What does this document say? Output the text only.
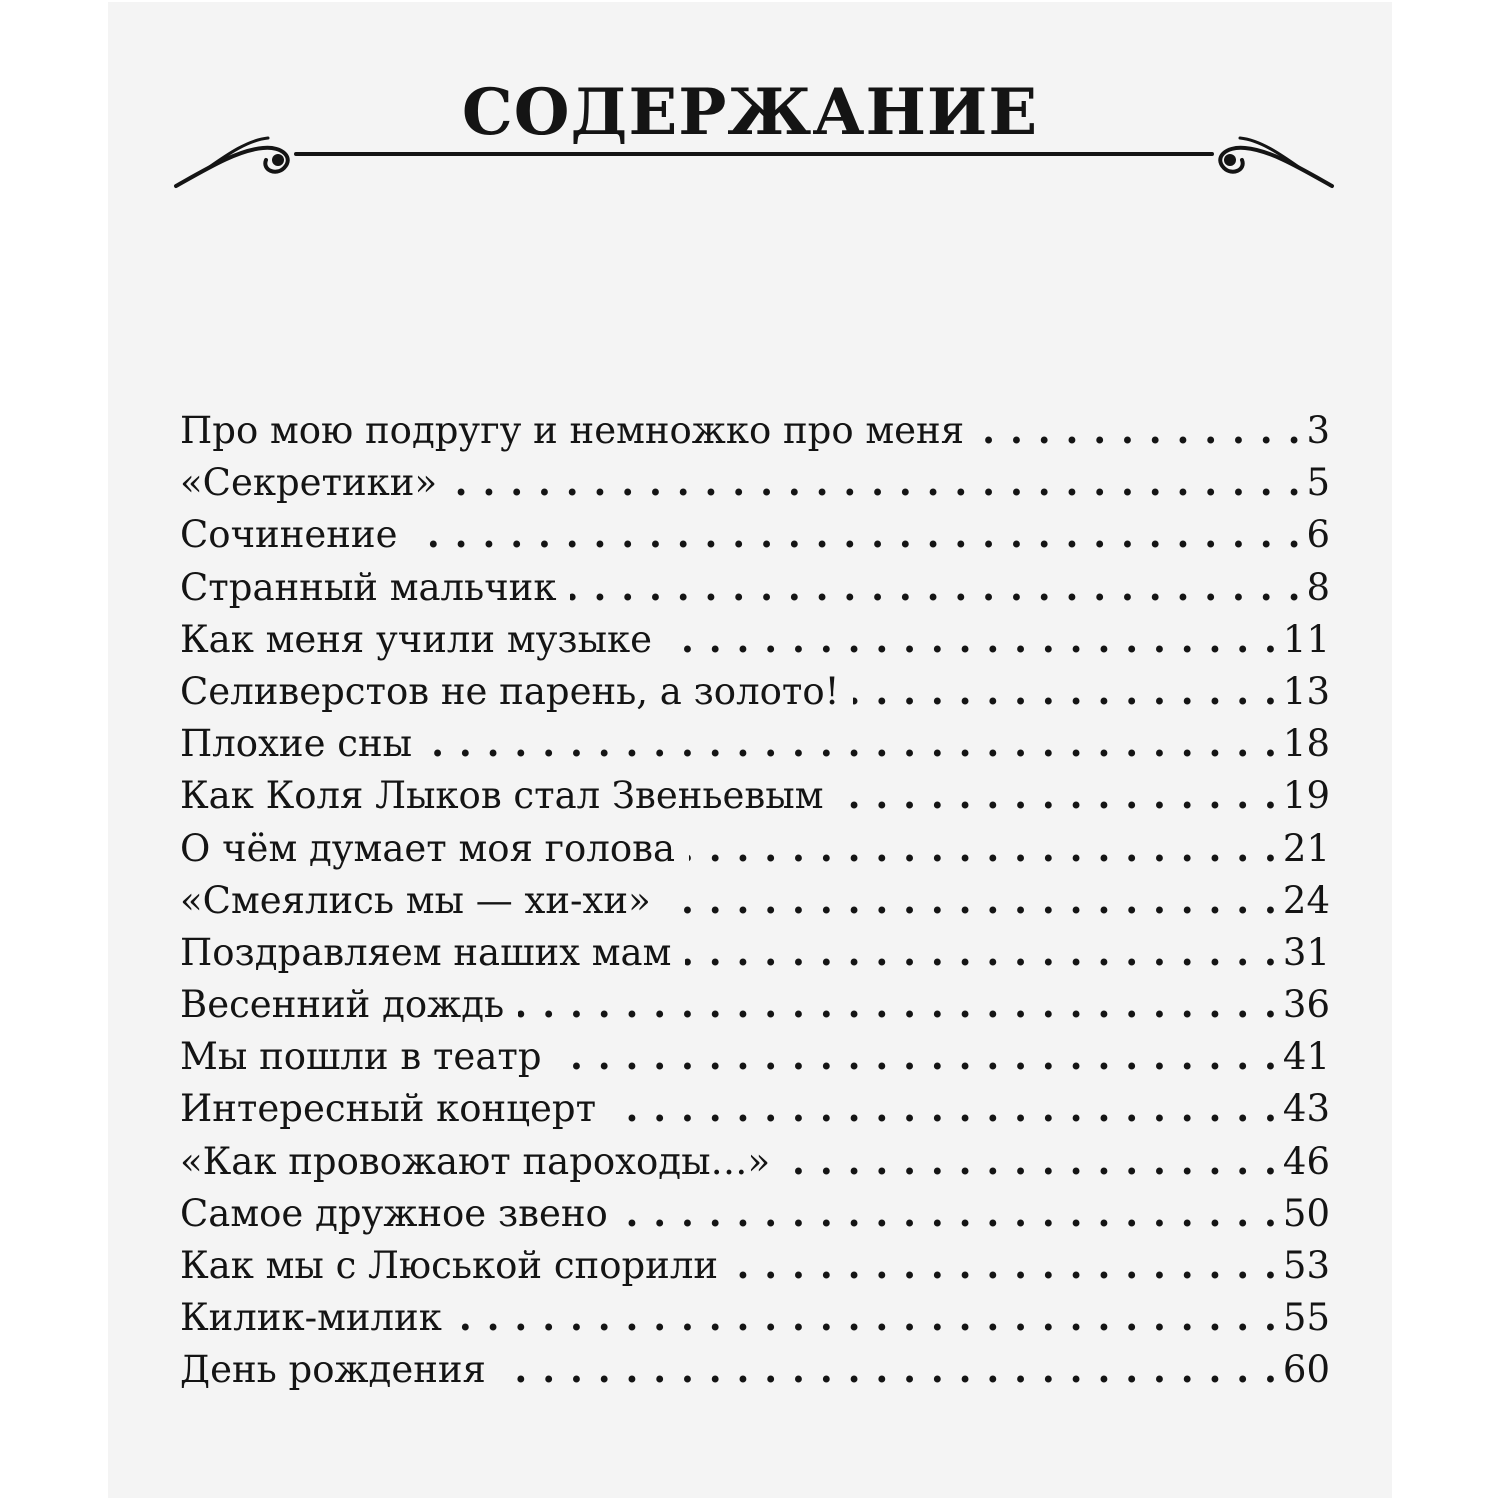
СОДЕРЖАНИЕ
Про мою подругу и немножко про меня . . .	3
«Секретики» . . .	5
Сочинение . . .	6
Странный мальчик . . .	8
Как меня учили музыке . . .	11
Селиверстов не парень, а золото! . . .	13
Плохие сны . . .	18
Как Коля Лыков стал Звеньевым . . .	19
О чём думает моя голова . . .	21
«Смеялись мы — хи-хи» . . .	24
Поздравляем наших мам . . .	31
Весенний дождь . . .	36
Мы пошли в театр . . .	41
Интересный концерт . . .	43
«Как провожают пароходы…» . . .	46
Самое дружное звено . . .	50
Как мы с Люськой спорили . . .	53
Килик-милик . . .	55
День рождения . . .	60
